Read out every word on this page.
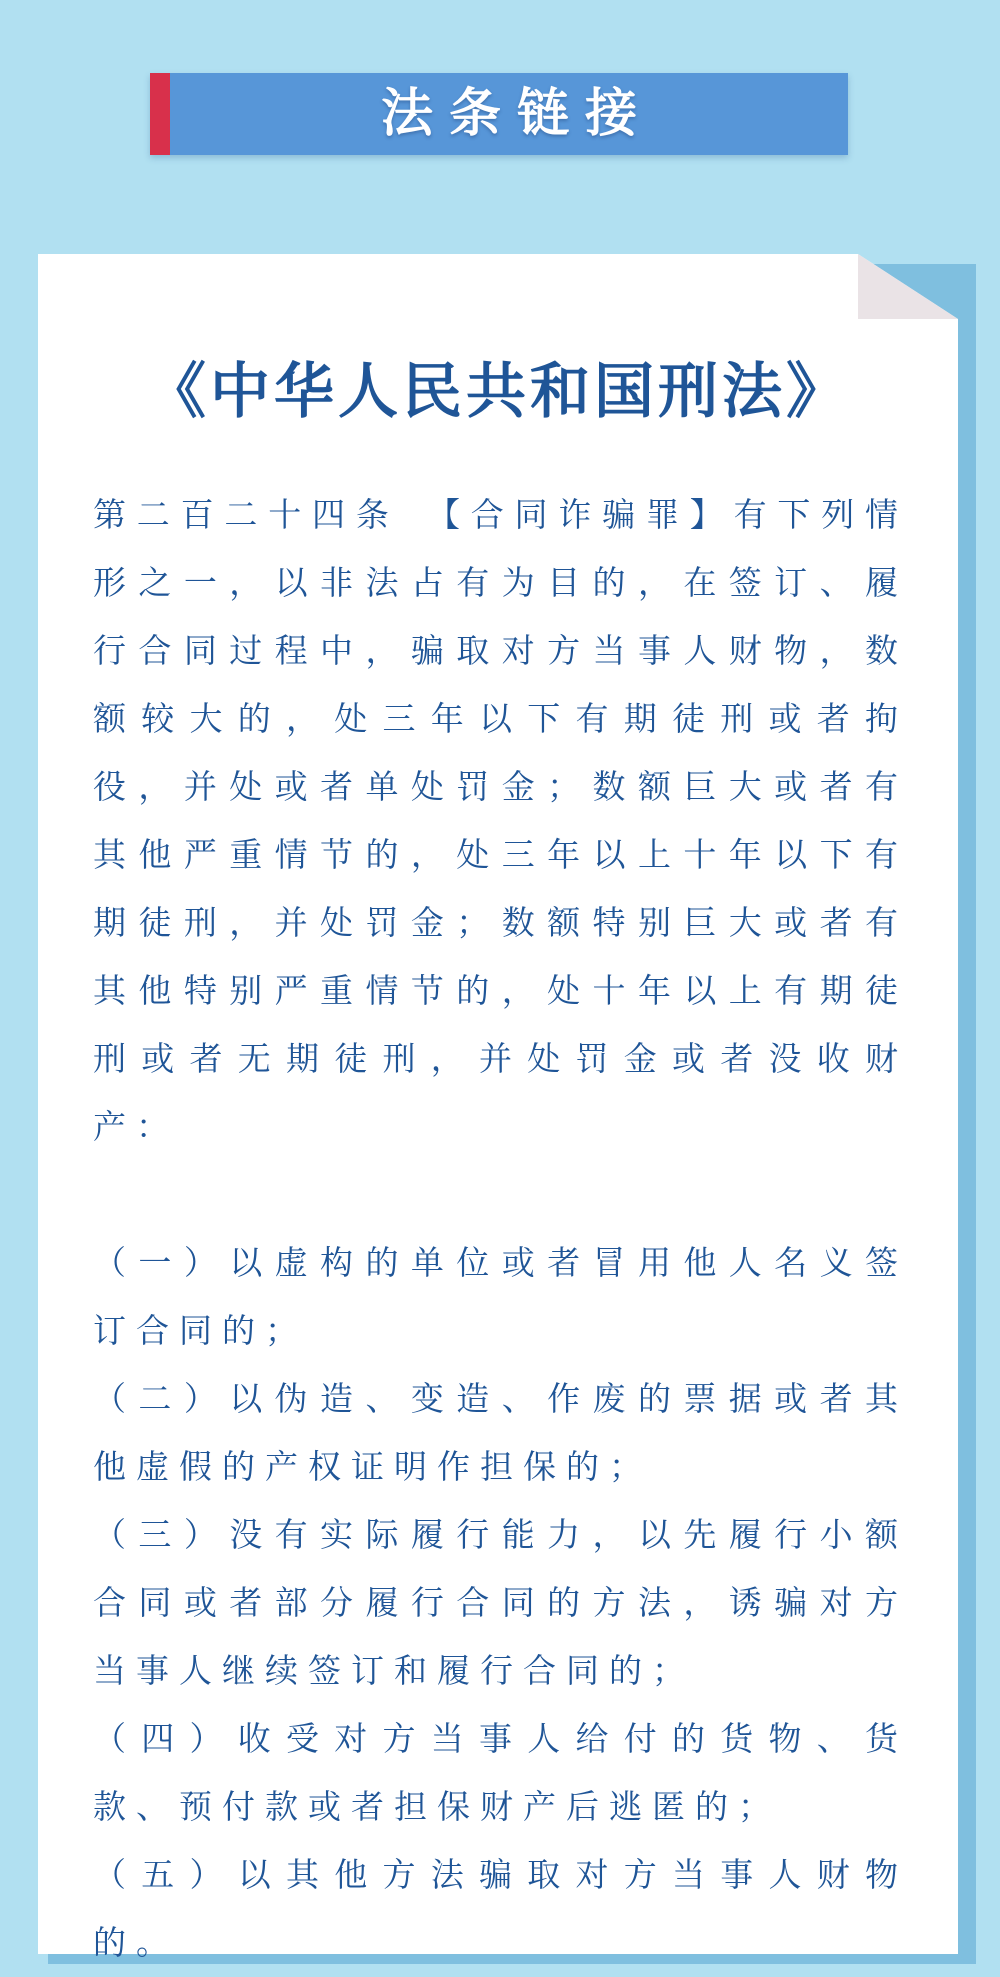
法条链接
《中华人民共和国刑法》

第二百二十四条　【合同诈骗罪】有下列情形之一，以非法占有为目的，在签订、履行合同过程中，骗取对方当事人财物，数额较大的，处三年以下有期徒刑或者拘役，并处或者单处罚金；数额巨大或者有其他严重情节的，处三年以上十年以下有期徒刑，并处罚金；数额特别巨大或者有其他特别严重情节的，处十年以上有期徒刑或者无期徒刑，并处罚金或者没收财产：

（一）以虚构的单位或者冒用他人名义签订合同的；

（二）以伪造、变造、作废的票据或者其他虚假的产权证明作担保的；

（三）没有实际履行能力，以先履行小额合同或者部分履行合同的方法，诱骗对方当事人继续签订和履行合同的；

（四）收受对方当事人给付的货物、货款、预付款或者担保财产后逃匿的；

（五）以其他方法骗取对方当事人财物的。
